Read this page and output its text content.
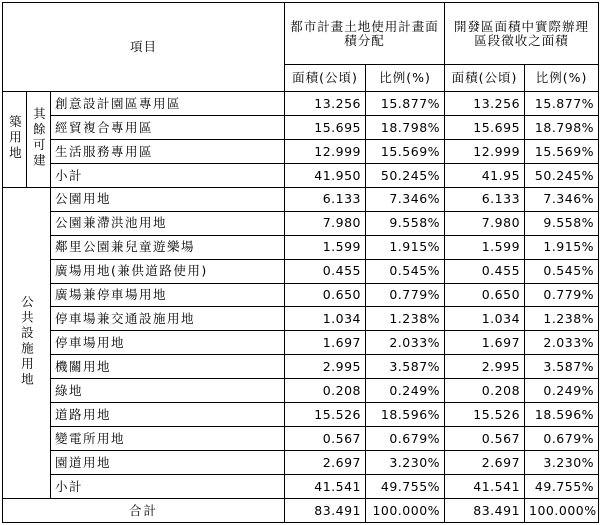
項目			都市計畫土地使用計畫面積分配		開發區面積中實際辦理區段徵收之面積	
			面積(公頃)	比例(%)	面積(公頃)	比例(%)
築用地	其餘可建	創意設計園區專用區	13.256	15.877%	13.256	15.877%
		經貿複合專用區	15.695	18.798%	15.695	18.798%
		生活服務專用區	12.999	15.569%	12.999	15.569%
		小計	41.950	50.245%	41.95	50.245%
公共設施用地		公園用地	6.133	7.346%	6.133	7.346%
		公園兼滯洪池用地	7.980	9.558%	7.980	9.558%
		鄰里公園兼兒童遊樂場	1.599	1.915%	1.599	1.915%
		廣場用地(兼供道路使用)	0.455	0.545%	0.455	0.545%
		廣場兼停車場用地	0.650	0.779%	0.650	0.779%
		停車場兼交通設施用地	1.034	1.238%	1.034	1.238%
		停車場用地	1.697	2.033%	1.697	2.033%
		機關用地	2.995	3.587%	2.995	3.587%
		綠地	0.208	0.249%	0.208	0.249%
		道路用地	15.526	18.596%	15.526	18.596%
		變電所用地	0.567	0.679%	0.567	0.679%
		園道用地	2.697	3.230%	2.697	3.230%
		小計	41.541	49.755%	41.541	49.755%
合計			83.491	100.000%	83.491	100.000%
